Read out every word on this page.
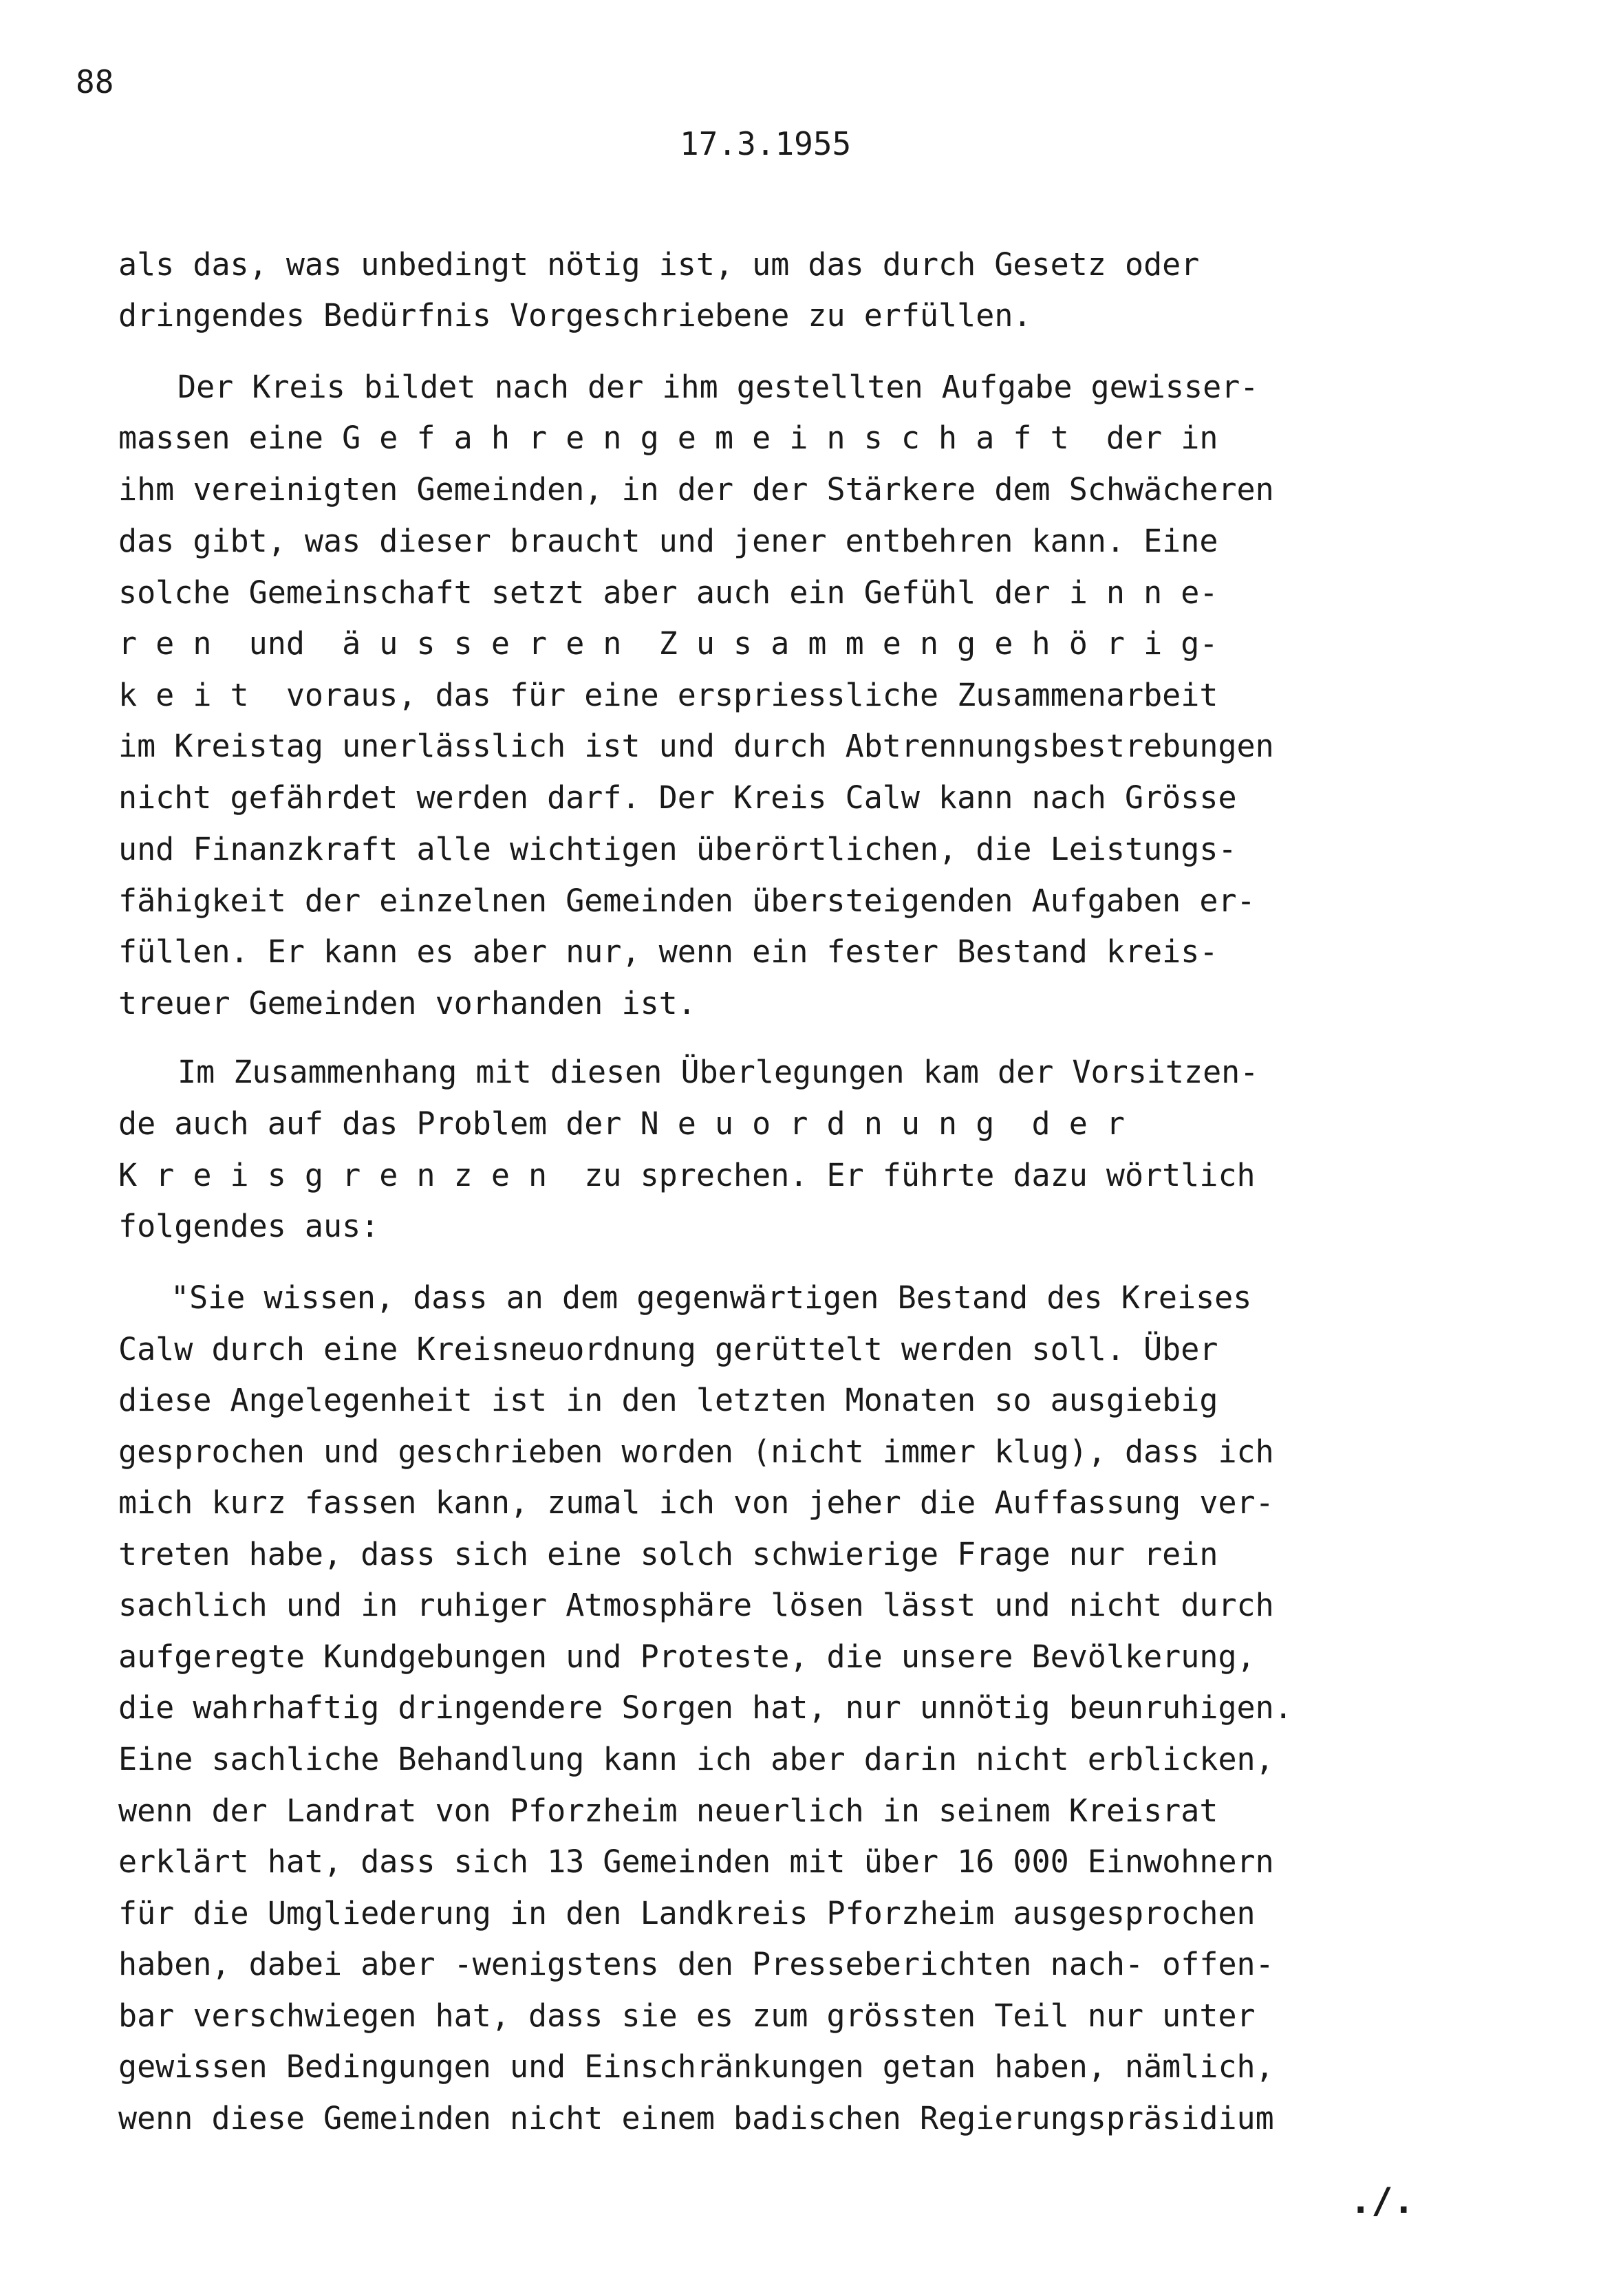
88
17.3.1955
als das, was unbedingt nötig ist, um das durch Gesetz oder
dringendes Bedürfnis Vorgeschriebene zu erfüllen.
Der Kreis bildet nach der ihm gestellten Aufgabe gewisser-
massen eine G e f a h r e n g e m e i n s c h a f t  der in
ihm vereinigten Gemeinden, in der der Stärkere dem Schwächeren
das gibt, was dieser braucht und jener entbehren kann. Eine
solche Gemeinschaft setzt aber auch ein Gefühl der i n n e-
r e n  und  ä u s s e r e n  Z u s a m m e n g e h ö r i g-
k e i t  voraus, das für eine erspriessliche Zusammenarbeit
im Kreistag unerlässlich ist und durch Abtrennungsbestrebungen
nicht gefährdet werden darf. Der Kreis Calw kann nach Grösse
und Finanzkraft alle wichtigen überörtlichen, die Leistungs-
fähigkeit der einzelnen Gemeinden übersteigenden Aufgaben er-
füllen. Er kann es aber nur, wenn ein fester Bestand kreis-
treuer Gemeinden vorhanden ist.
Im Zusammenhang mit diesen Überlegungen kam der Vorsitzen-
de auch auf das Problem der N e u o r d n u n g  d e r
K r e i s g r e n z e n  zu sprechen. Er führte dazu wörtlich
folgendes aus:
"Sie wissen, dass an dem gegenwärtigen Bestand des Kreises
Calw durch eine Kreisneuordnung gerüttelt werden soll. Über
diese Angelegenheit ist in den letzten Monaten so ausgiebig
gesprochen und geschrieben worden (nicht immer klug), dass ich
mich kurz fassen kann, zumal ich von jeher die Auffassung ver-
treten habe, dass sich eine solch schwierige Frage nur rein
sachlich und in ruhiger Atmosphäre lösen lässt und nicht durch
aufgeregte Kundgebungen und Proteste, die unsere Bevölkerung,
die wahrhaftig dringendere Sorgen hat, nur unnötig beunruhigen.
Eine sachliche Behandlung kann ich aber darin nicht erblicken,
wenn der Landrat von Pforzheim neuerlich in seinem Kreisrat
erklärt hat, dass sich 13 Gemeinden mit über 16 000 Einwohnern
für die Umgliederung in den Landkreis Pforzheim ausgesprochen
haben, dabei aber -wenigstens den Presseberichten nach- offen-
bar verschwiegen hat, dass sie es zum grössten Teil nur unter
gewissen Bedingungen und Einschränkungen getan haben, nämlich,
wenn diese Gemeinden nicht einem badischen Regierungspräsidium
./.
